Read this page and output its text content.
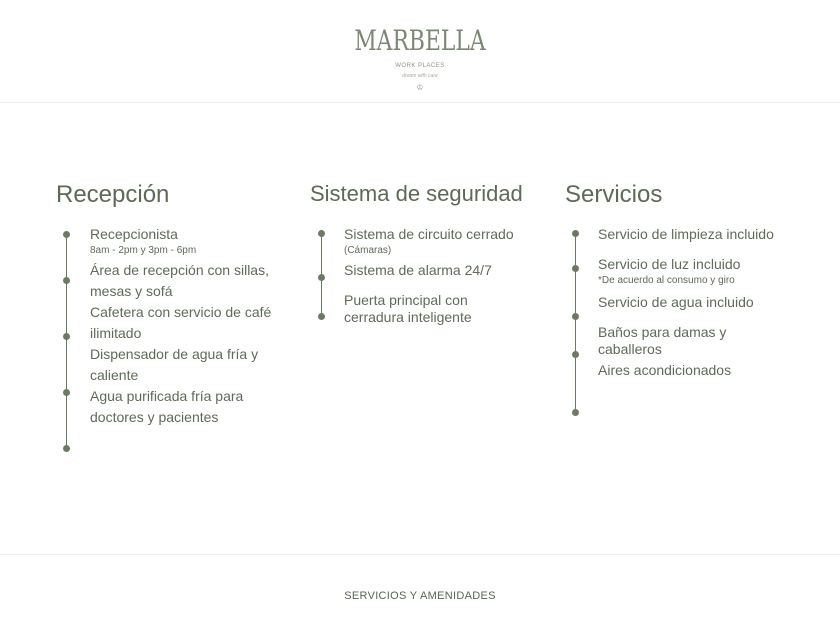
MARBELLA
WORK PLACES
dream with care
♔
Recepción
Recepcionista
8am - 2pm y 3pm - 6pm
Área de recepción con sillas,
mesas y sofá
Cafetera con servicio de café
ilimitado
Dispensador de agua fría y
caliente
Agua purificada fría para
doctores y pacientes
Sistema de seguridad
Sistema de circuito cerrado
(Cámaras)
Sistema de alarma 24/7
Puerta principal con
cerradura inteligente
Servicios
Servicio de limpieza incluido
Servicio de luz incluido
*De acuerdo al consumo y giro
Servicio de agua incluido
Baños para damas y
caballeros
Aires acondicionados
SERVICIOS Y AMENIDADES
